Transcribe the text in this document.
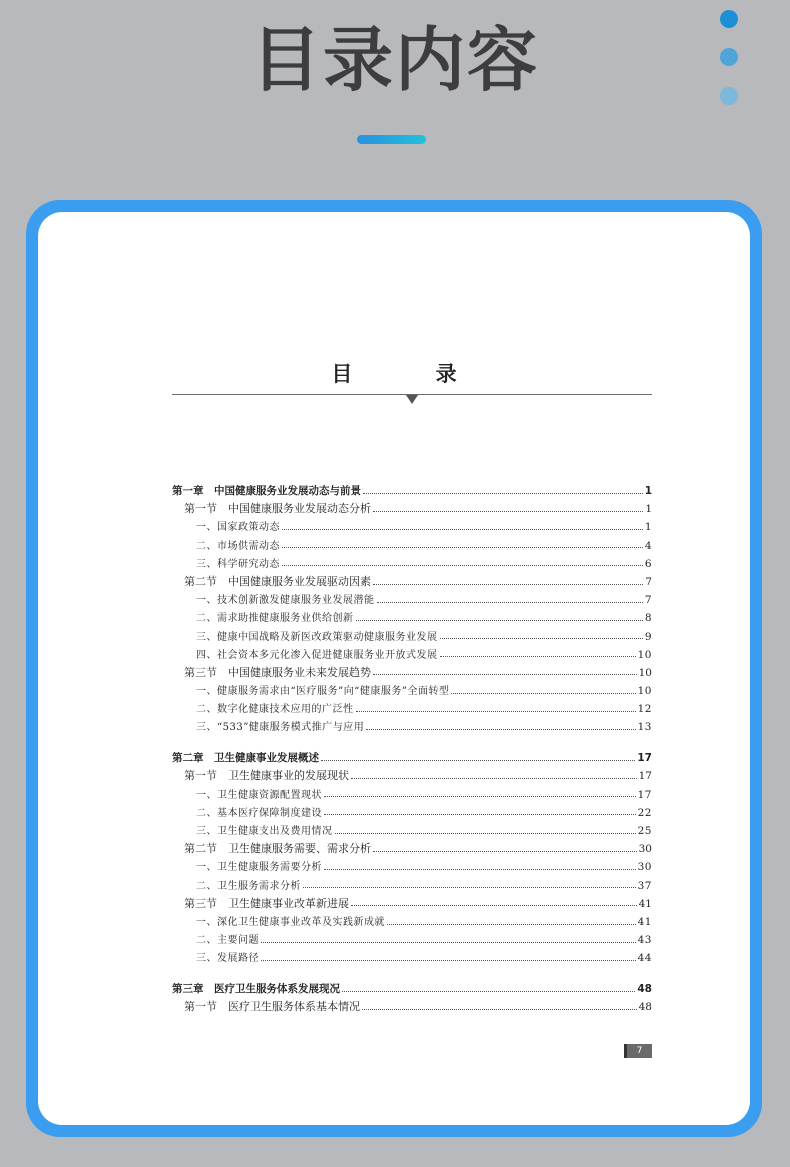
目录内容
目 录
第一章　中国健康服务业发展动态与前景	1
第一节　中国健康服务业发展动态分析	1
一、国家政策动态	1
二、市场供需动态	4
三、科学研究动态	6
第二节　中国健康服务业发展驱动因素	7
一、技术创新激发健康服务业发展潜能	7
二、需求助推健康服务业供给创新	8
三、健康中国战略及新医改政策驱动健康服务业发展	9
四、社会资本多元化渗入促进健康服务业开放式发展	10
第三节　中国健康服务业未来发展趋势	10
一、健康服务需求由“医疗服务”向“健康服务”全面转型	10
二、数字化健康技术应用的广泛性	12
三、“533”健康服务模式推广与应用	13
第二章　卫生健康事业发展概述	17
第一节　卫生健康事业的发展现状	17
一、卫生健康资源配置现状	17
二、基本医疗保障制度建设	22
三、卫生健康支出及费用情况	25
第二节　卫生健康服务需要、需求分析	30
一、卫生健康服务需要分析	30
二、卫生服务需求分析	37
第三节　卫生健康事业改革新进展	41
一、深化卫生健康事业改革及实践新成就	41
二、主要问题	43
三、发展路径	44
第三章　医疗卫生服务体系发展现况	48
第一节　医疗卫生服务体系基本情况	48
7
